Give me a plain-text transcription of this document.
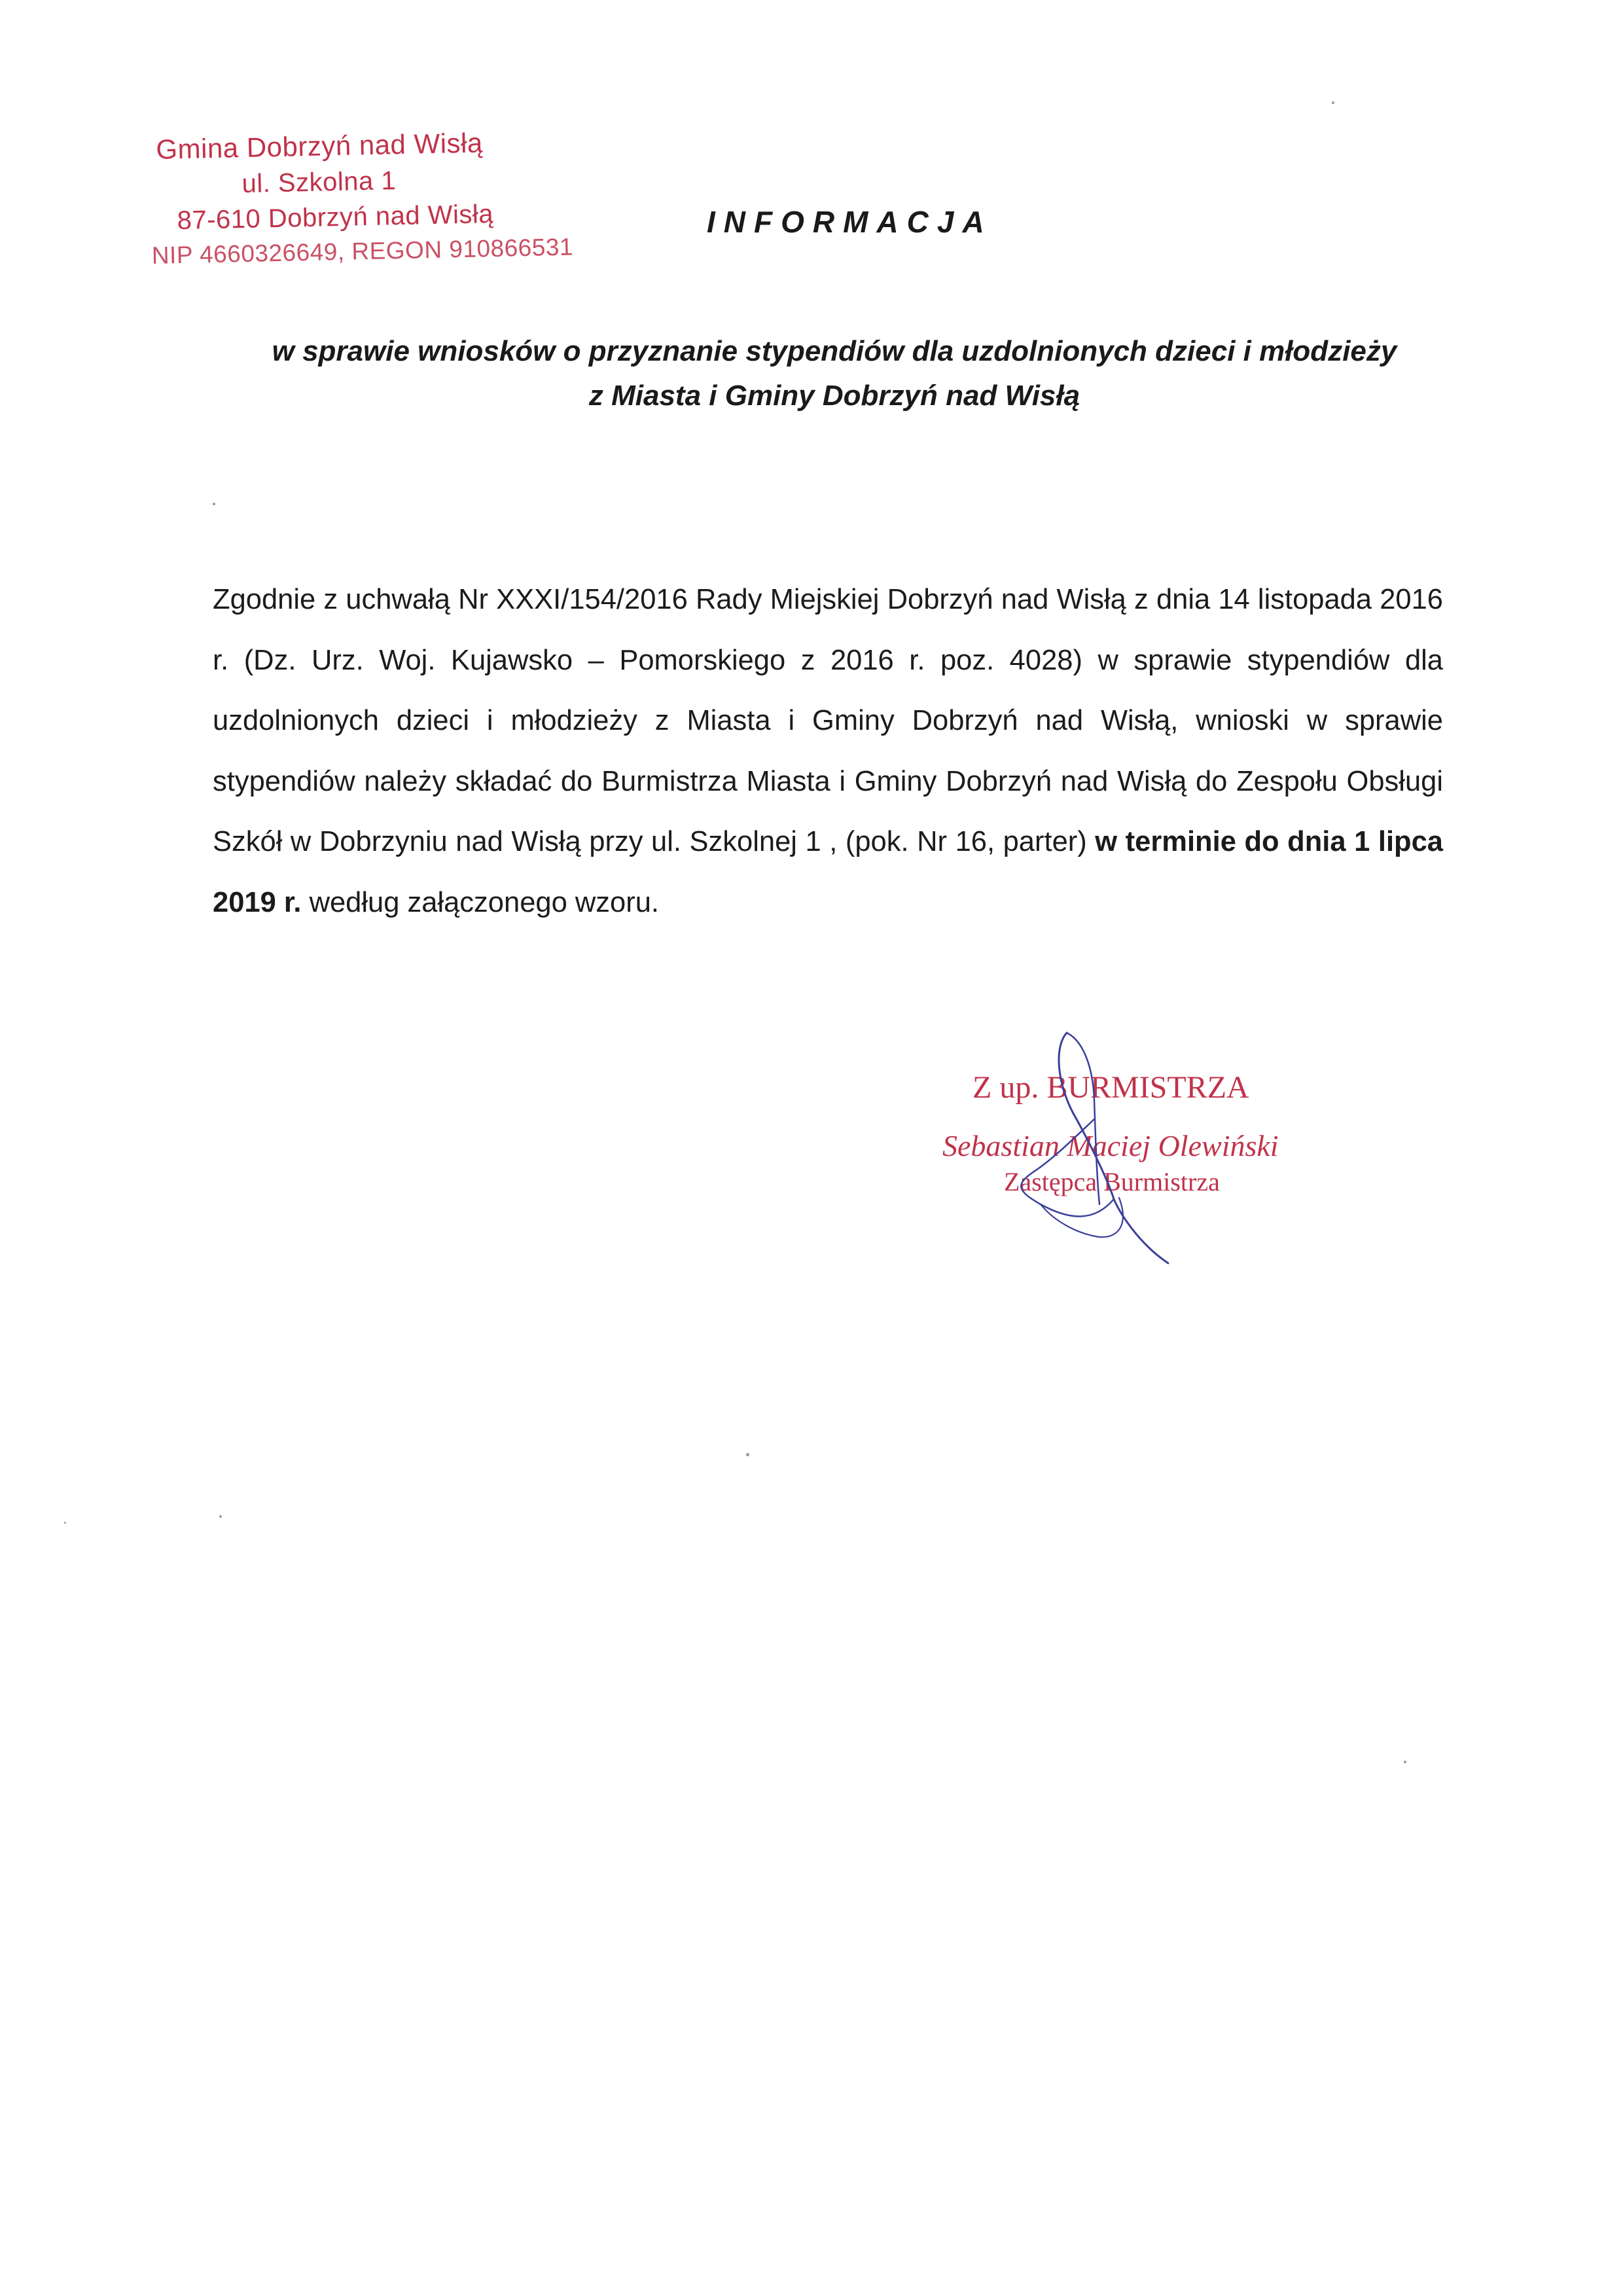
Gmina Dobrzyń nad Wisłą
ul. Szkolna 1
87-610 Dobrzyń nad Wisłą
NIP 4660326649, REGON 910866531
INFORMACJA
w sprawie wniosków o przyznanie stypendiów dla uzdolnionych dzieci i młodzieży
z Miasta i Gminy Dobrzyń nad Wisłą

Zgodnie z uchwałą Nr XXXI/154/2016 Rady Miejskiej Dobrzyń nad Wisłą z dnia 14 listopada 2016 r. (Dz. Urz. Woj. Kujawsko – Pomorskiego z 2016 r. poz. 4028) w sprawie stypendiów dla uzdolnionych dzieci i młodzieży z Miasta i Gminy Dobrzyń nad Wisłą, wnioski w sprawie stypendiów należy składać do Burmistrza Miasta i Gminy Dobrzyń nad Wisłą do Zespołu Obsługi Szkół w Dobrzyniu nad Wisłą przy ul. Szkolnej 1 , (pok. Nr 16, parter) w terminie do dnia 1 lipca 2019 r. według załączonego wzoru.

Z up. BURMISTRZA
Sebastian Maciej Olewiński
Zastępca Burmistrza
